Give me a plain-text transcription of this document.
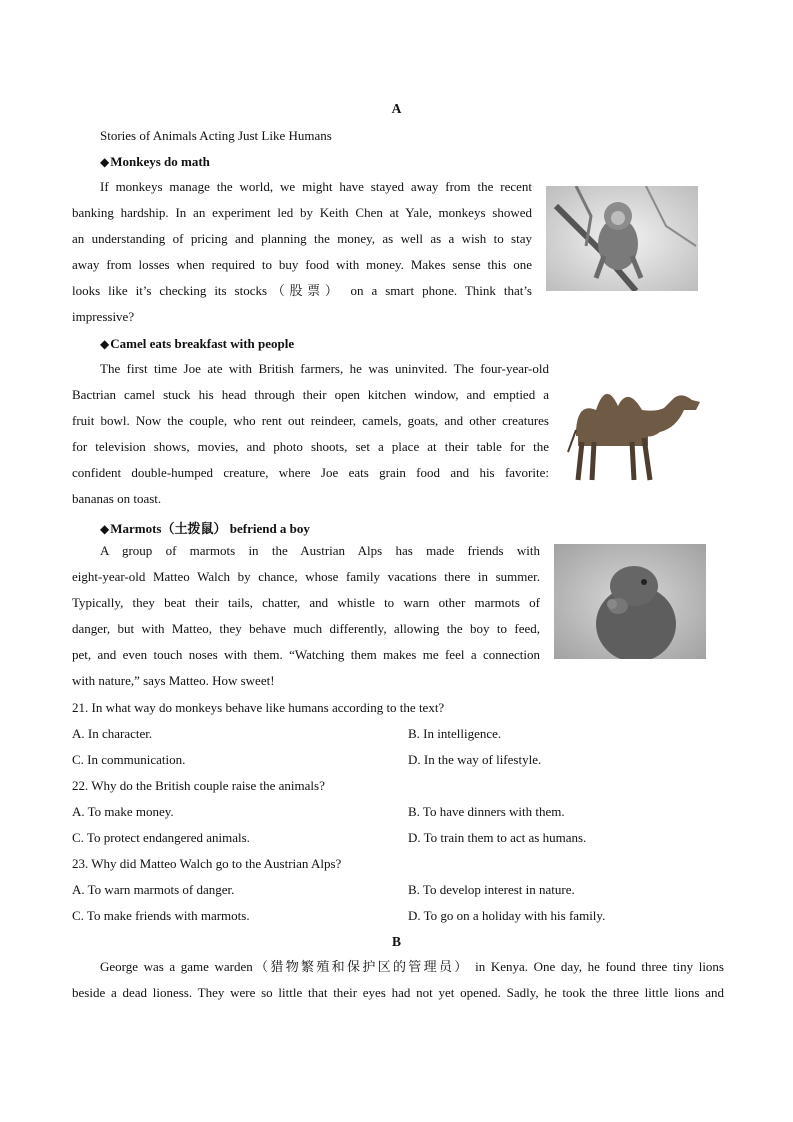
A
Stories of Animals Acting Just Like Humans
◆Monkeys do math
If monkeys manage the world, we might have stayed away from the recent
banking hardship. In an experiment led by Keith Chen at Yale, monkeys showed
an understanding of pricing and planning the money, as well as a wish to stay
away from losses when required to buy food with money. Makes sense this one
looks like it’s checking its stocks（股票） on a smart phone. Think that’s
impressive?
◆Camel eats breakfast with people
The first time Joe ate with British farmers, he was uninvited. The four-year-old
Bactrian camel stuck his head through their open kitchen window, and emptied a
fruit bowl. Now the couple, who rent out reindeer, camels, goats, and other creatures
for television shows, movies, and photo shoots, set a place at their table for the
confident double-humped creature, where Joe eats grain food and his favorite:
bananas on toast.
◆Marmots（土拨鼠） befriend a boy
A group of marmots in the Austrian Alps has made friends with
eight-year-old Matteo Walch by chance, whose family vacations there in summer.
Typically, they beat their tails, chatter, and whistle to warn other marmots of
danger, but with Matteo, they behave much differently, allowing the boy to feed,
pet, and even touch noses with them. “Watching them makes me feel a connection
with nature,” says Matteo. How sweet!
21. In what way do monkeys behave like humans according to the text?
A. In character.	B. In intelligence.
C. In communication.	D. In the way of lifestyle.
22. Why do the British couple raise the animals?
A. To make money.	B. To have dinners with them.
C. To protect endangered animals.	D. To train them to act as humans.
23. Why did Matteo Walch go to the Austrian Alps?
A. To warn marmots of danger.	B. To develop interest in nature.
C. To make friends with marmots.	D. To go on a holiday with his family.
B
George was a game warden（猎物繁殖和保护区的管理员） in Kenya. One day, he found three tiny lions
beside a dead lioness. They were so little that their eyes had not yet opened. Sadly, he took the three little lions and
